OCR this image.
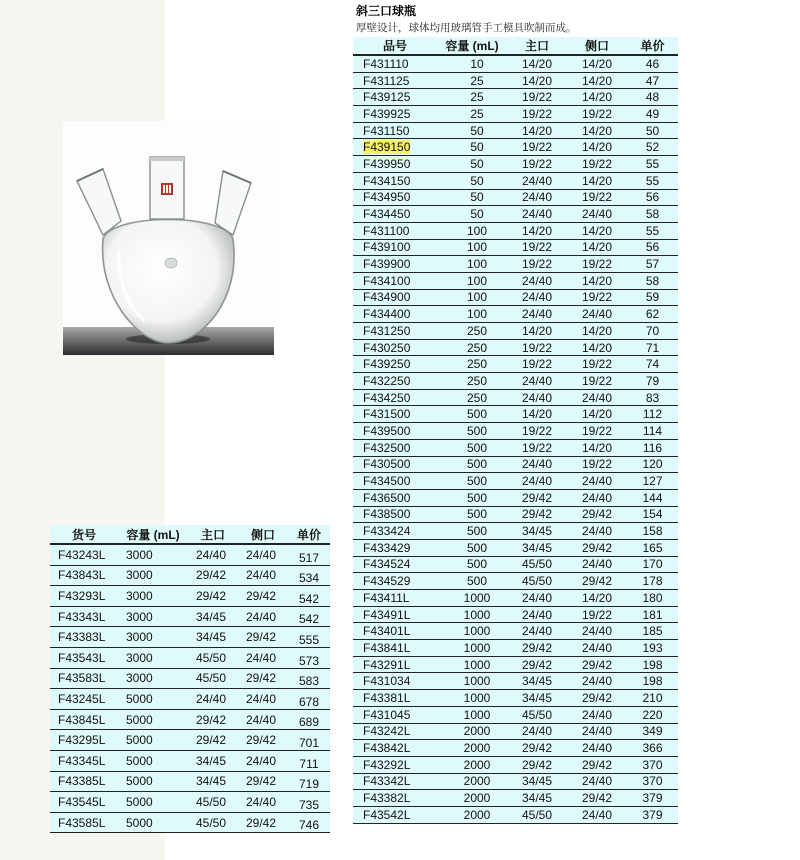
斜三口球瓶
厚壁设计，球体均用玻璃管手工模具吹制而成。
品号	容量 (mL)	主口	侧口	单价
F431110	10	14/20	14/20	46
F431125	25	14/20	14/20	47
F439125	25	19/22	14/20	48
F439925	25	19/22	19/22	49
F431150	50	14/20	14/20	50
F439150	50	19/22	14/20	52
F439950	50	19/22	19/22	55
F434150	50	24/40	14/20	55
F434950	50	24/40	19/22	56
F434450	50	24/40	24/40	58
F431100	100	14/20	14/20	55
F439100	100	19/22	14/20	56
F439900	100	19/22	19/22	57
F434100	100	24/40	14/20	58
F434900	100	24/40	19/22	59
F434400	100	24/40	24/40	62
F431250	250	14/20	14/20	70
F430250	250	19/22	14/20	71
F439250	250	19/22	19/22	74
F432250	250	24/40	19/22	79
F434250	250	24/40	24/40	83
F431500	500	14/20	14/20	112
F439500	500	19/22	19/22	114
F432500	500	19/22	14/20	116
F430500	500	24/40	19/22	120
F434500	500	24/40	24/40	127
F436500	500	29/42	24/40	144
F438500	500	29/42	29/42	154
F433424	500	34/45	24/40	158
F433429	500	34/45	29/42	165
F434524	500	45/50	24/40	170
F434529	500	45/50	29/42	178
F43411L	1000	24/40	14/20	180
F43491L	1000	24/40	19/22	181
F43401L	1000	24/40	24/40	185
F43841L	1000	29/42	24/40	193
F43291L	1000	29/42	29/42	198
F431034	1000	34/45	24/40	198
F43381L	1000	34/45	29/42	210
F431045	1000	45/50	24/40	220
F43242L	2000	24/40	24/40	349
F43842L	2000	29/42	24/40	366
F43292L	2000	29/42	29/42	370
F43342L	2000	34/45	24/40	370
F43382L	2000	34/45	29/42	379
F43542L	2000	45/50	24/40	379
货号	容量 (mL)	主口	侧口	单价
F43243L	3000	24/40	24/40	517
F43843L	3000	29/42	24/40	534
F43293L	3000	29/42	29/42	542
F43343L	3000	34/45	24/40	542
F43383L	3000	34/45	29/42	555
F43543L	3000	45/50	24/40	573
F43583L	3000	45/50	29/42	583
F43245L	5000	24/40	24/40	678
F43845L	5000	29/42	24/40	689
F43295L	5000	29/42	29/42	701
F43345L	5000	34/45	24/40	711
F43385L	5000	34/45	29/42	719
F43545L	5000	45/50	24/40	735
F43585L	5000	45/50	29/42	746
